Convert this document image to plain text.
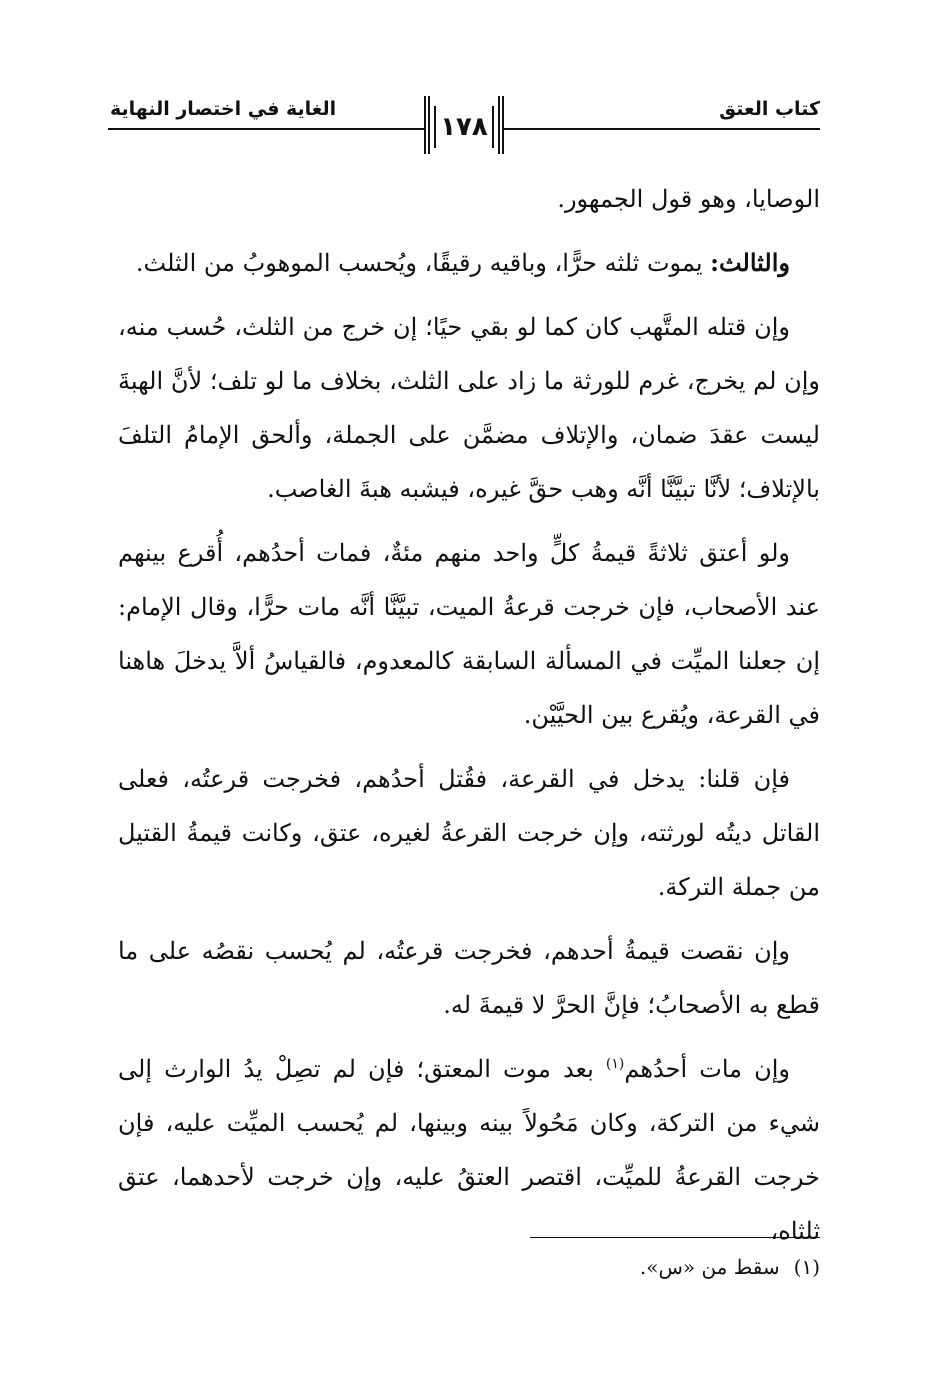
كتاب العتق
الغاية في اختصار النهاية
١٧٨

الوصايا، وهو قول الجمهور.

والثالث: يموت ثلثه حرًّا، وباقيه رقيقًا، ويُحسب الموهوبُ من الثلث.

وإن قتله المتَّهب كان كما لو بقي حيًا؛ إن خرج من الثلث، حُسب منه، وإن لم يخرج، غرم للورثة ما زاد على الثلث، بخلاف ما لو تلف؛ لأنَّ الهبةَ ليست عقدَ ضمان، والإتلاف مضمَّن على الجملة، وألحق الإمامُ التلفَ بالإتلاف؛ لأنَّا تبيَّنَّا أنَّه وهب حقَّ غيره، فيشبه هبةَ الغاصب.

ولو أعتق ثلاثةً قيمةُ كلٍّ واحد منهم مئةٌ، فمات أحدُهم، أُقرع بينهم عند الأصحاب، فإن خرجت قرعةُ الميت، تبيَّنَّا أنَّه مات حرًّا، وقال الإمام: إن جعلنا الميِّت في المسألة السابقة كالمعدوم، فالقياسُ ألاَّ يدخلَ هاهنا في القرعة، ويُقرع بين الحيَّيْن.

فإن قلنا: يدخل في القرعة، فقُتل أحدُهم، فخرجت قرعتُه، فعلى القاتل ديتُه لورثته، وإن خرجت القرعةُ لغيره، عتق، وكانت قيمةُ القتيل من جملة التركة.

وإن نقصت قيمةُ أحدهم، فخرجت قرعتُه، لم يُحسب نقصُه على ما قطع به الأصحابُ؛ فإنَّ الحرَّ لا قيمةَ له.

وإن مات أحدُهم$^{(١)}$ بعد موت المعتق؛ فإن لم تصِلْ يدُ الوارث إلى شيء من التركة، وكان مَحُولاً بينه وبينها، لم يُحسب الميِّت عليه، فإن خرجت القرعةُ للميِّت، اقتصر العتقُ عليه، وإن خرجت لأحدهما، عتق ثلثاه،

(١)سقط من «س».
